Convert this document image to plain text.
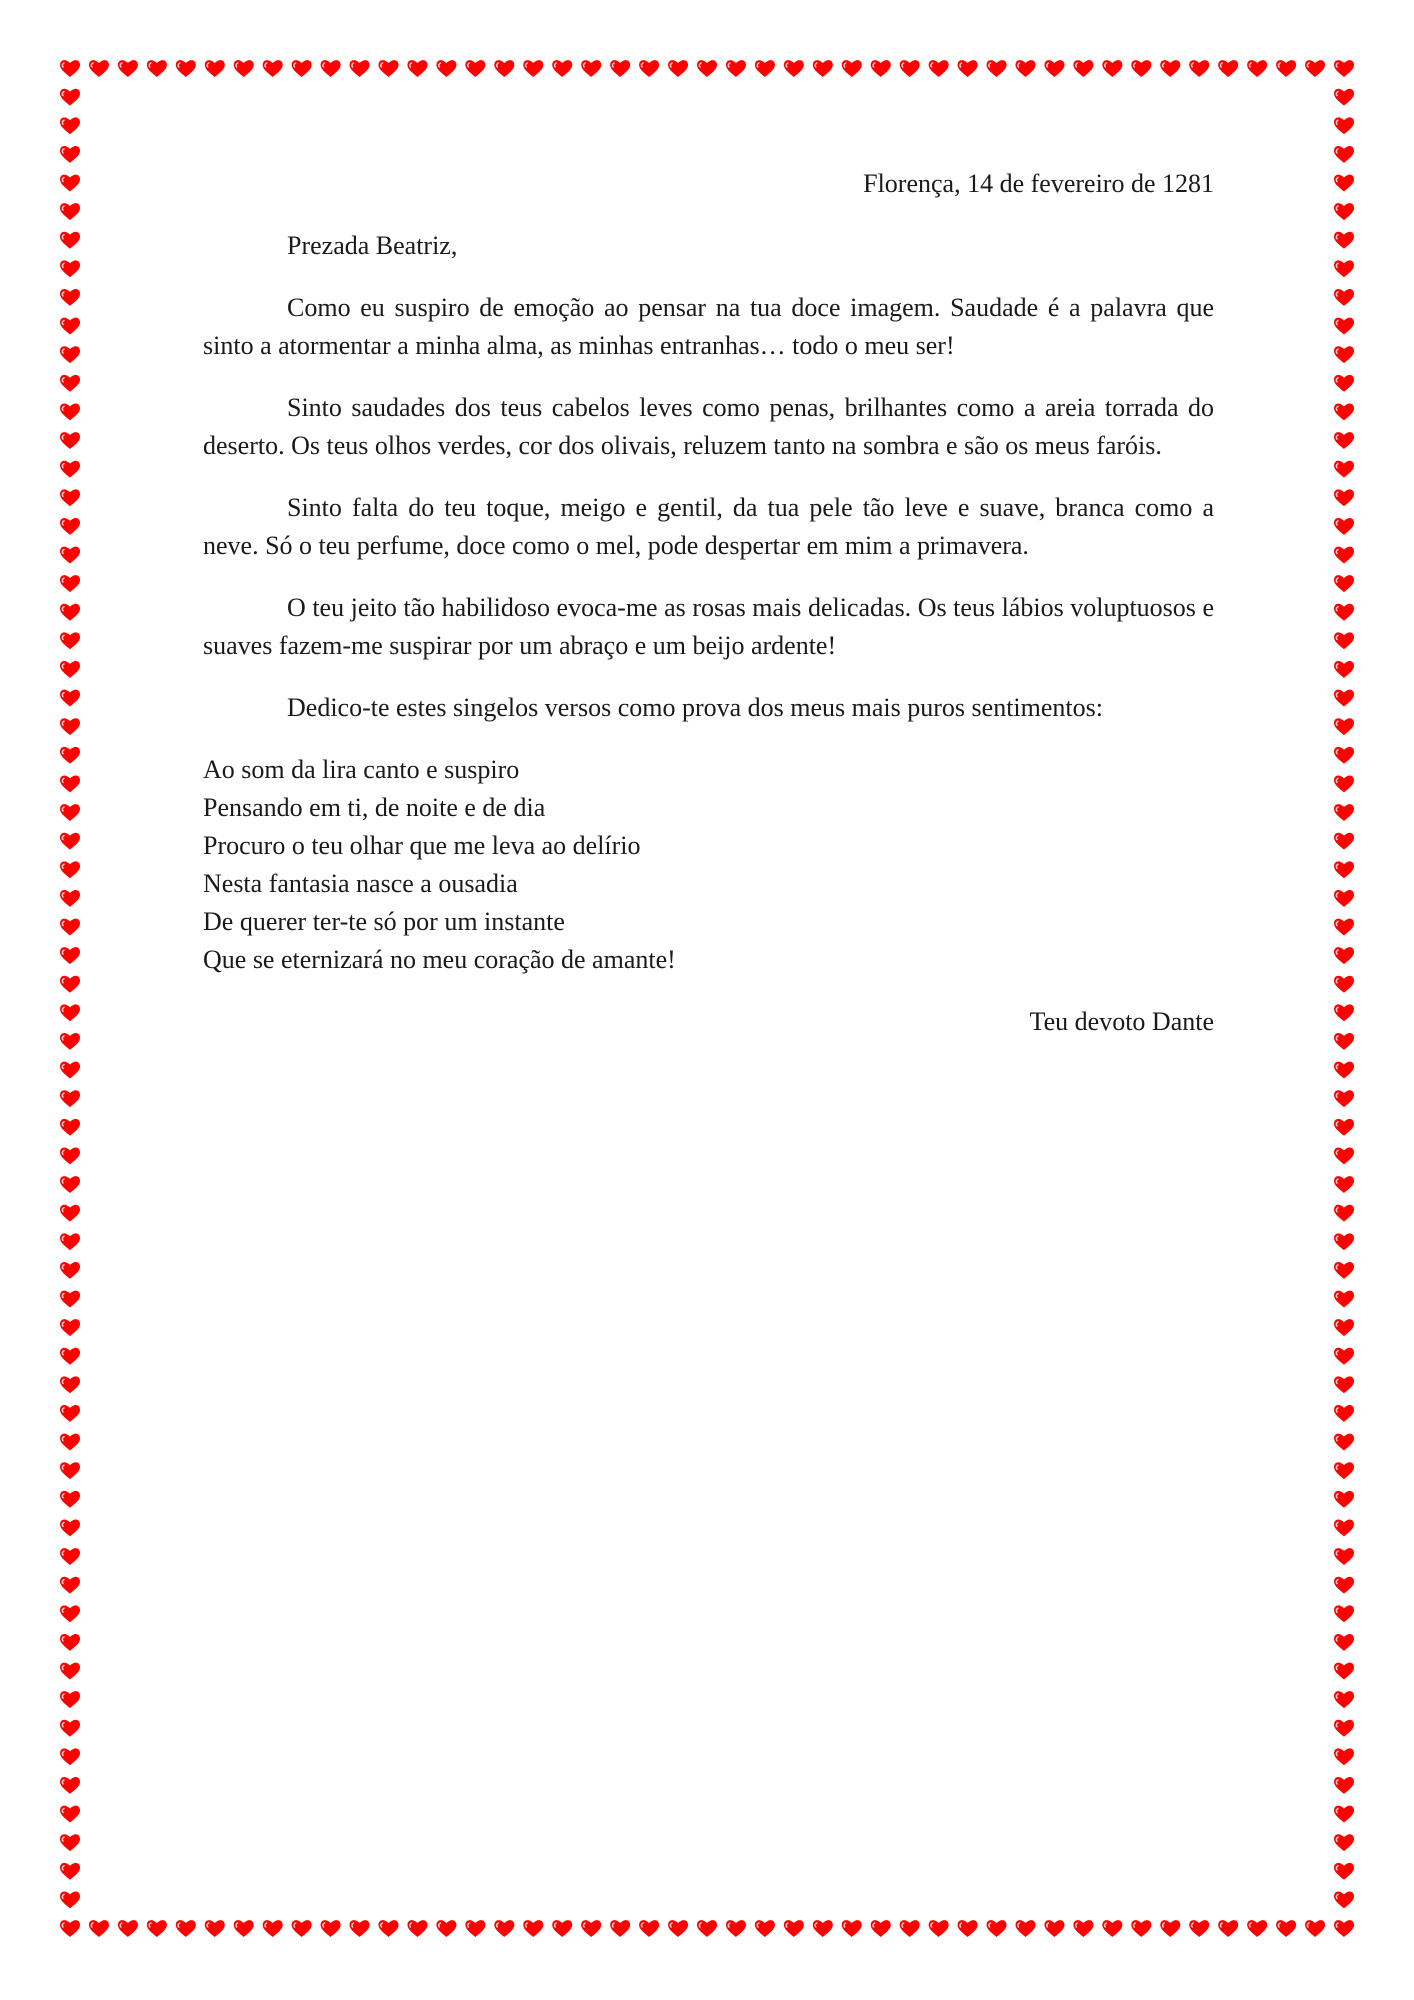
Florença, 14 de fevereiro de 1281

Prezada Beatriz,

Como eu suspiro de emoção ao pensar na tua doce imagem. Saudade é a palavra que sinto a atormentar a minha alma, as minhas entranhas… todo o meu ser!

Sinto saudades dos teus cabelos leves como penas, brilhantes como a areia torrada do deserto. Os teus olhos verdes, cor dos olivais, reluzem tanto na sombra e são os meus faróis.

Sinto falta do teu toque, meigo e gentil, da tua pele tão leve e suave, branca como a neve. Só o teu perfume, doce como o mel, pode despertar em mim a primavera.

O teu jeito tão habilidoso evoca-me as rosas mais delicadas. Os teus lábios voluptuosos e suaves fazem-me suspirar por um abraço e um beijo ardente!

Dedico-te estes singelos versos como prova dos meus mais puros sentimentos:

Ao som da lira canto e suspiro
Pensando em ti, de noite e de dia
Procuro o teu olhar que me leva ao delírio
Nesta fantasia nasce a ousadia
De querer ter-te só por um instante
Que se eternizará no meu coração de amante!

Teu devoto Dante
